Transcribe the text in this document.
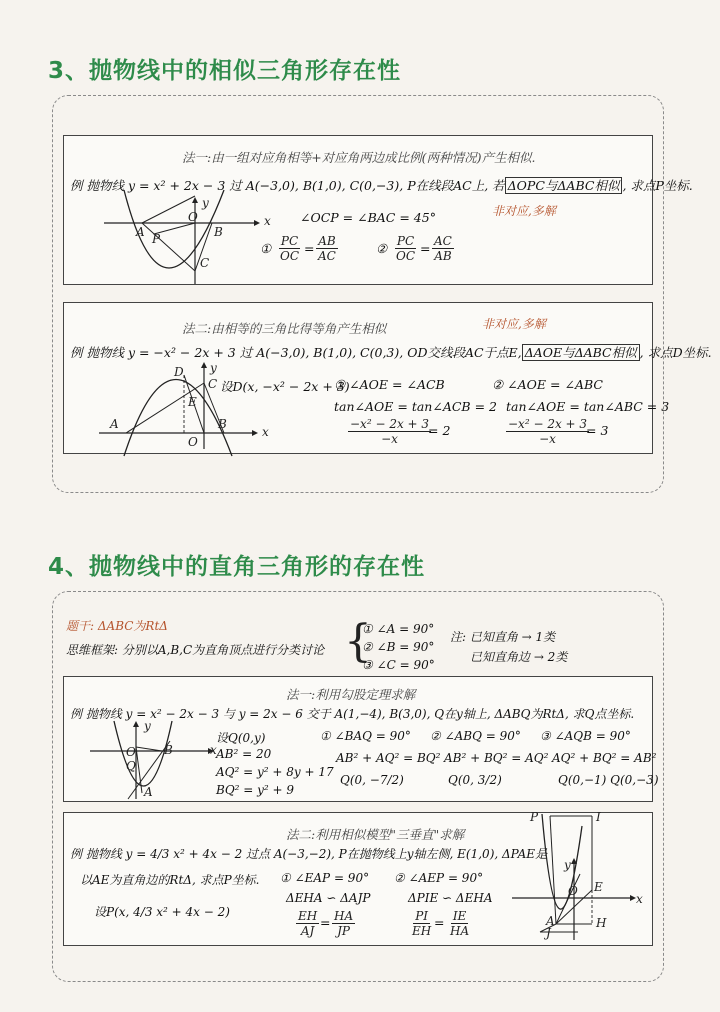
3、抛物线中的相似三角形存在性
法一:由一组对应角相等+对应角两边成比例(两种情况)产生相似.
例 抛物线 y = x² + 2x − 3 过 A(−3,0), B(1,0), C(0,−3), P在线段AC上, 若 ΔOPC与ΔABC相似 , 求点P坐标.
非对应,多解
∠OCP = ∠BAC = 45°
① $\frac{PC}{OC} = \frac{AB}{AC}$	② $\frac{PC}{OC} = \frac{AC}{AB}$
y
x
O
A	B
P
C
法二:由相等的三角比得等角产生相似	非对应,多解
例 抛物线 y = −x² − 2x + 3 过 A(−3,0), B(1,0), C(0,3), OD交线段AC于点E, ΔAOE与ΔABC相似 , 求点D坐标.
设D(x, −x² − 2x + 3)
① ∠AOE = ∠ACB	② ∠AOE = ∠ABC
tan∠AOE = tan∠ACB = 2 tan∠AOE = tan∠ABC = 3
$\frac{\text{−x² − 2x + 3}}{-x}$
= 2	$\frac{\text{−x² − 2x + 3}}{-x}$
= 3
y
x
D
C
E
A
O
B
4、抛物线中的直角三角形的存在性
题干: ΔABC为RtΔ
思维框架: 分别以A,B,C为直角顶点进行分类讨论 {
① ∠A = 90°
② ∠B = 90°
③ ∠C = 90°
注: 已知直角 → 1类
已知直角边 → 2类
法一:利用勾股定理求解
例 抛物线 y = x² − 2x − 3 与 y = 2x − 6 交于 A(1,−4), B(3,0), Q在y轴上, ΔABQ为RtΔ, 求Q点坐标.
设Q(0,y)
AB² = 20
AQ² = y² + 8y + 17
BQ² = y² + 9
① ∠BAQ = 90°
AB² + AQ² = BQ²
Q(0, −7/2)
② ∠ABQ = 90°
AB² + BQ² = AQ²
Q(0, 3/2)
③ ∠AQB = 90°
AQ² + BQ² = AB²
Q(0,−1) Q(0,−3)
y
x
O
Q
B
A
法二:利用相似模型"三垂直"求解
例 抛物线 y = 4/3 x² + 4x − 2 过点 A(−3,−2), P在抛物线上y轴左侧, E(1,0), ΔPAE是
以AE为直角边的RtΔ, 求点P坐标.
设P(x, 4/3 x² + 4x − 2)
① ∠EAP = 90°
ΔEHA ∽ ΔAJP
$\frac{EH}{AJ} = \frac{HA}{JP}$
② ∠AEP = 90°
ΔPIE ∽ ΔEHA
$\frac{PI}{EH} = \frac{IE}{HA}$
P	I
y
x
O E
A
J
H
